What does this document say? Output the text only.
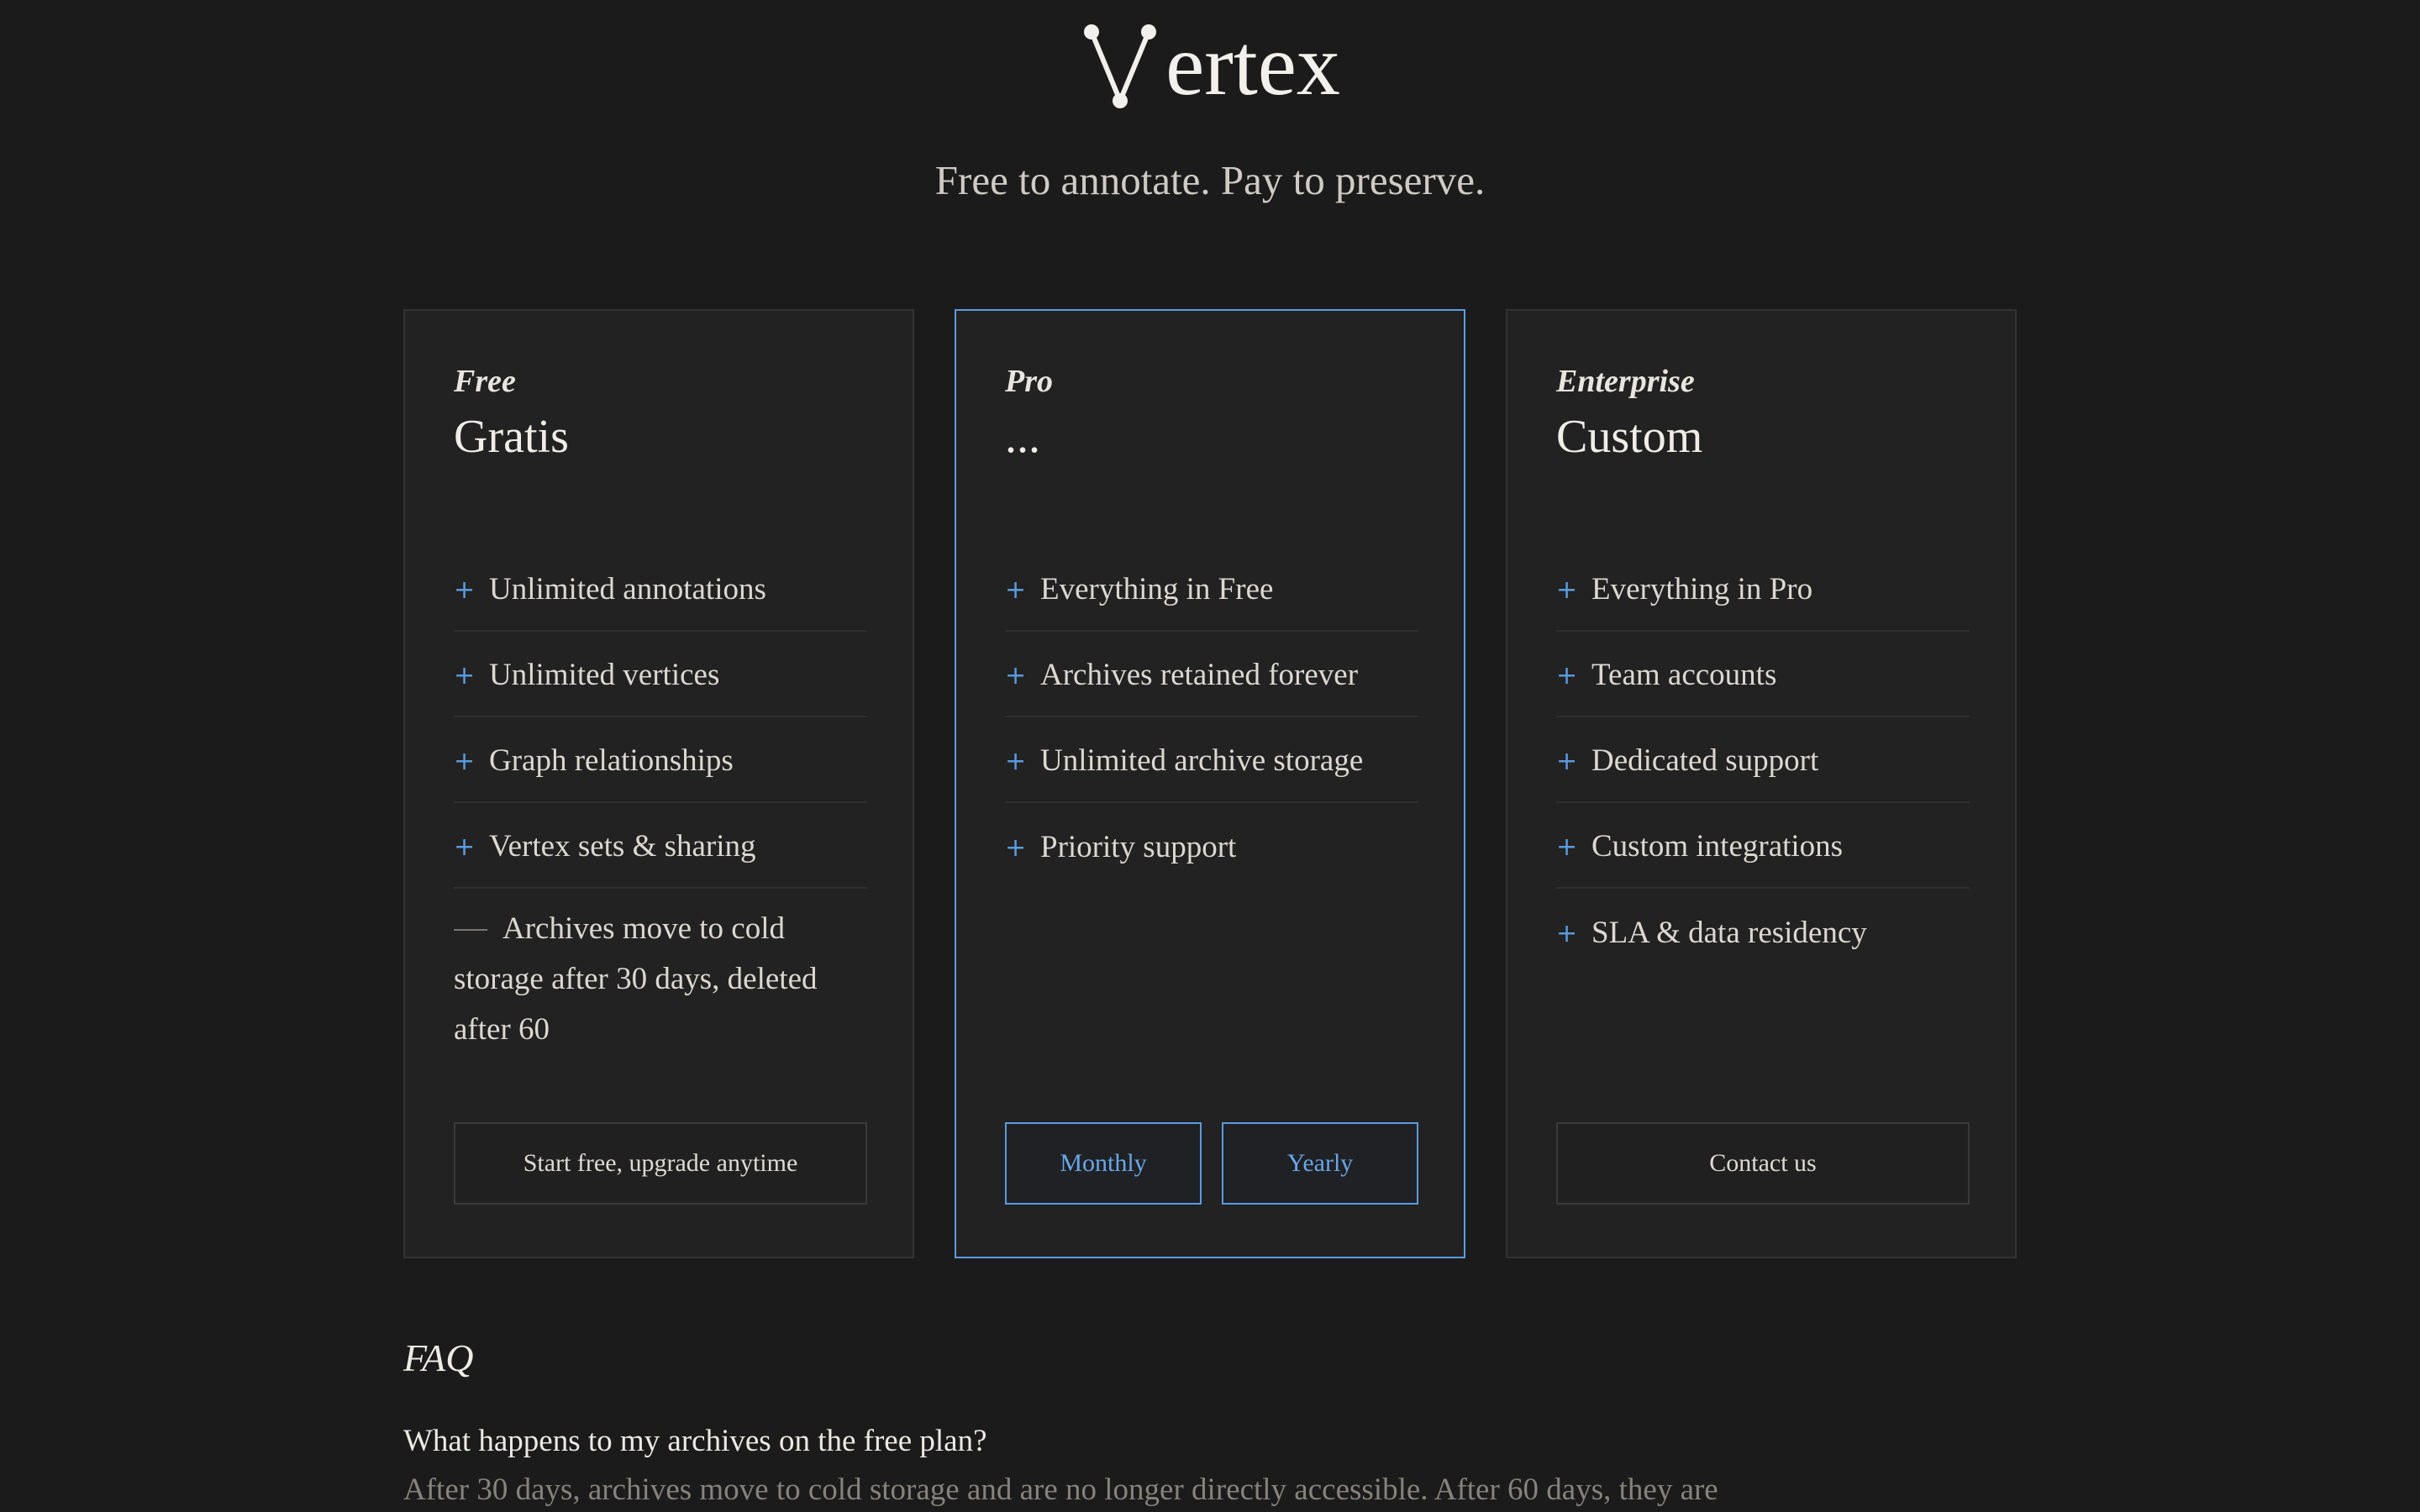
ertex
Free to annotate. Pay to preserve.
Free
Gratis
+ Unlimited annotations
+ Unlimited vertices
+ Graph relationships
+ Vertex sets & sharing
Archives move to cold storage after 30 days, deleted after 60
Start free, upgrade anytime
Pro
...
+ Everything in Free
+ Archives retained forever
+ Unlimited archive storage
+ Priority support
Monthly	Yearly
Enterprise
Custom
+ Everything in Pro
+ Team accounts
+ Dedicated support
+ Custom integrations
+ SLA & data residency
Contact us
FAQ
What happens to my archives on the free plan?
After 30 days, archives move to cold storage and are no longer directly accessible. After 60 days, they are
